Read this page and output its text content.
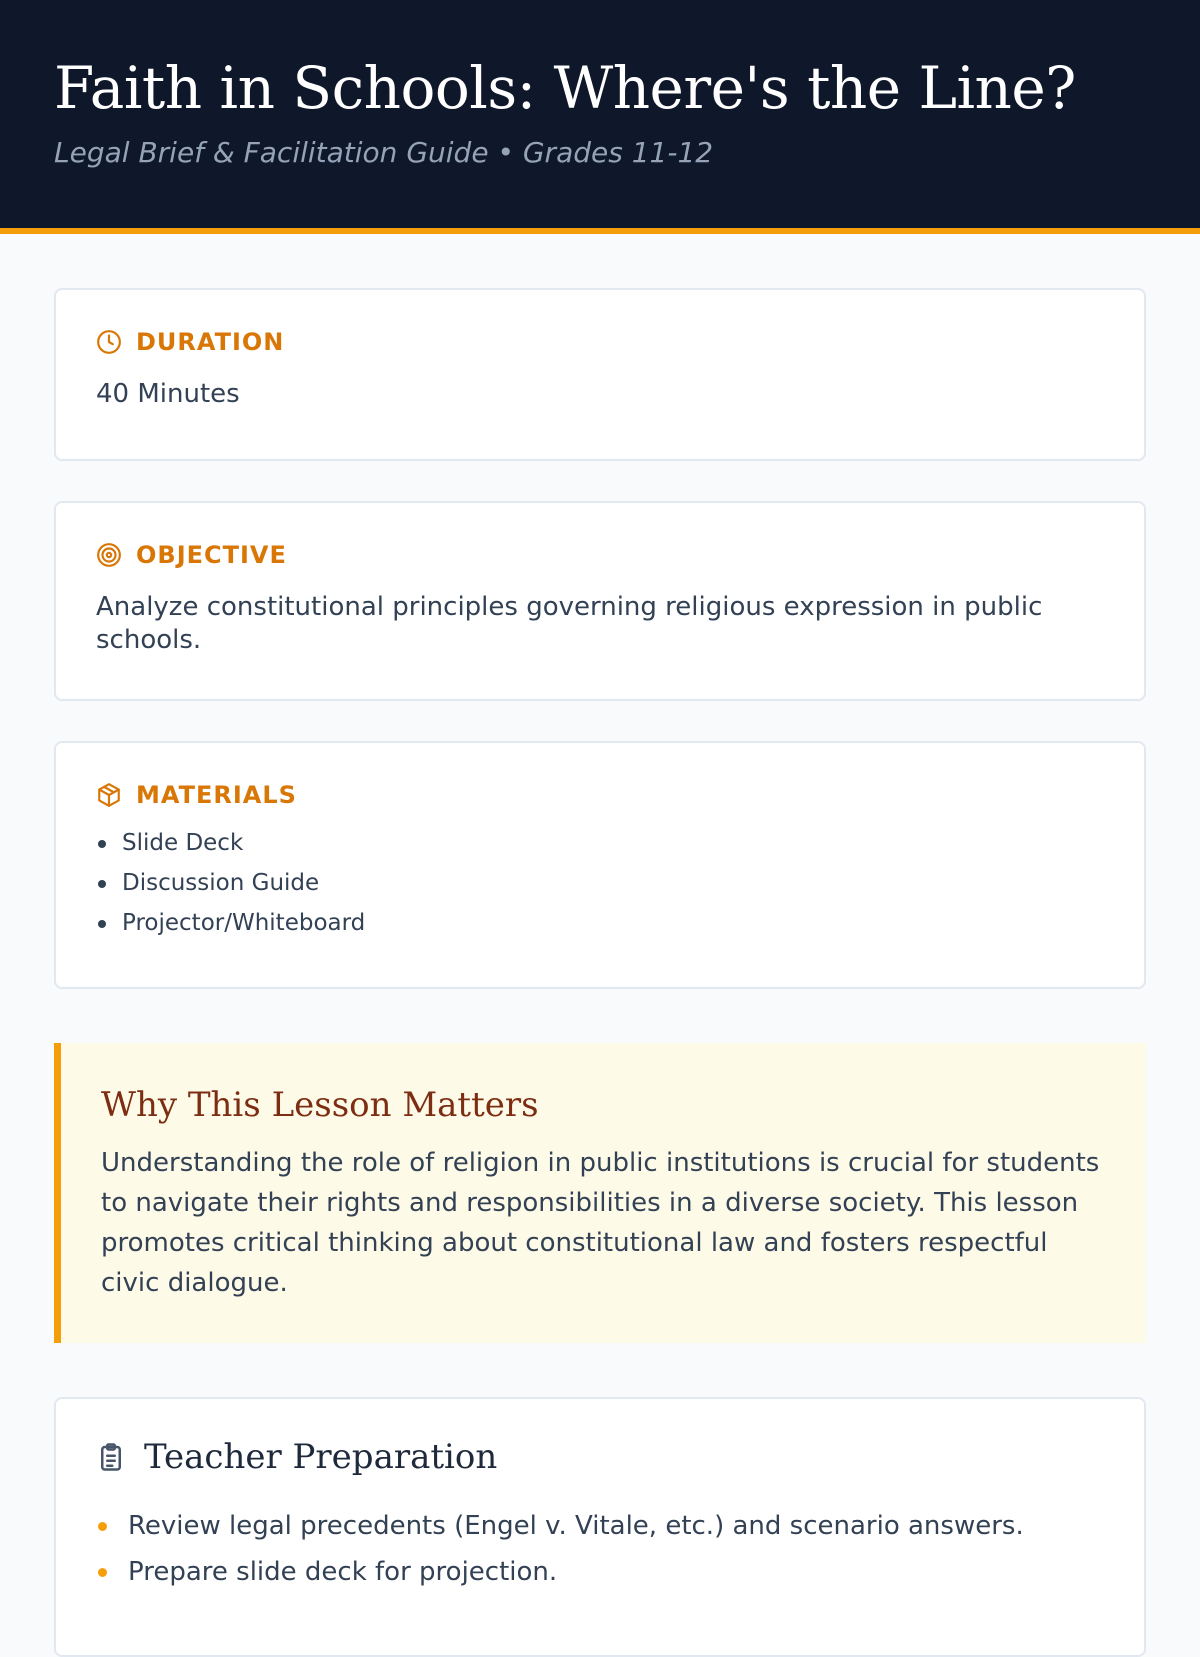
Faith in Schools: Where's the Line?
Legal Brief & Facilitation Guide • Grades 11-12
DURATION
40 Minutes
OBJECTIVE
Analyze constitutional principles governing religious expression in public schools.
MATERIALS
Slide Deck
Discussion Guide
Projector/Whiteboard
Why This Lesson Matters

Understanding the role of religion in public institutions is crucial for students to navigate their rights and responsibilities in a diverse society. This lesson promotes critical thinking about constitutional law and fosters respectful civic dialogue.

Teacher Preparation
Review legal precedents (Engel v. Vitale, etc.) and scenario answers.
Prepare slide deck for projection.
